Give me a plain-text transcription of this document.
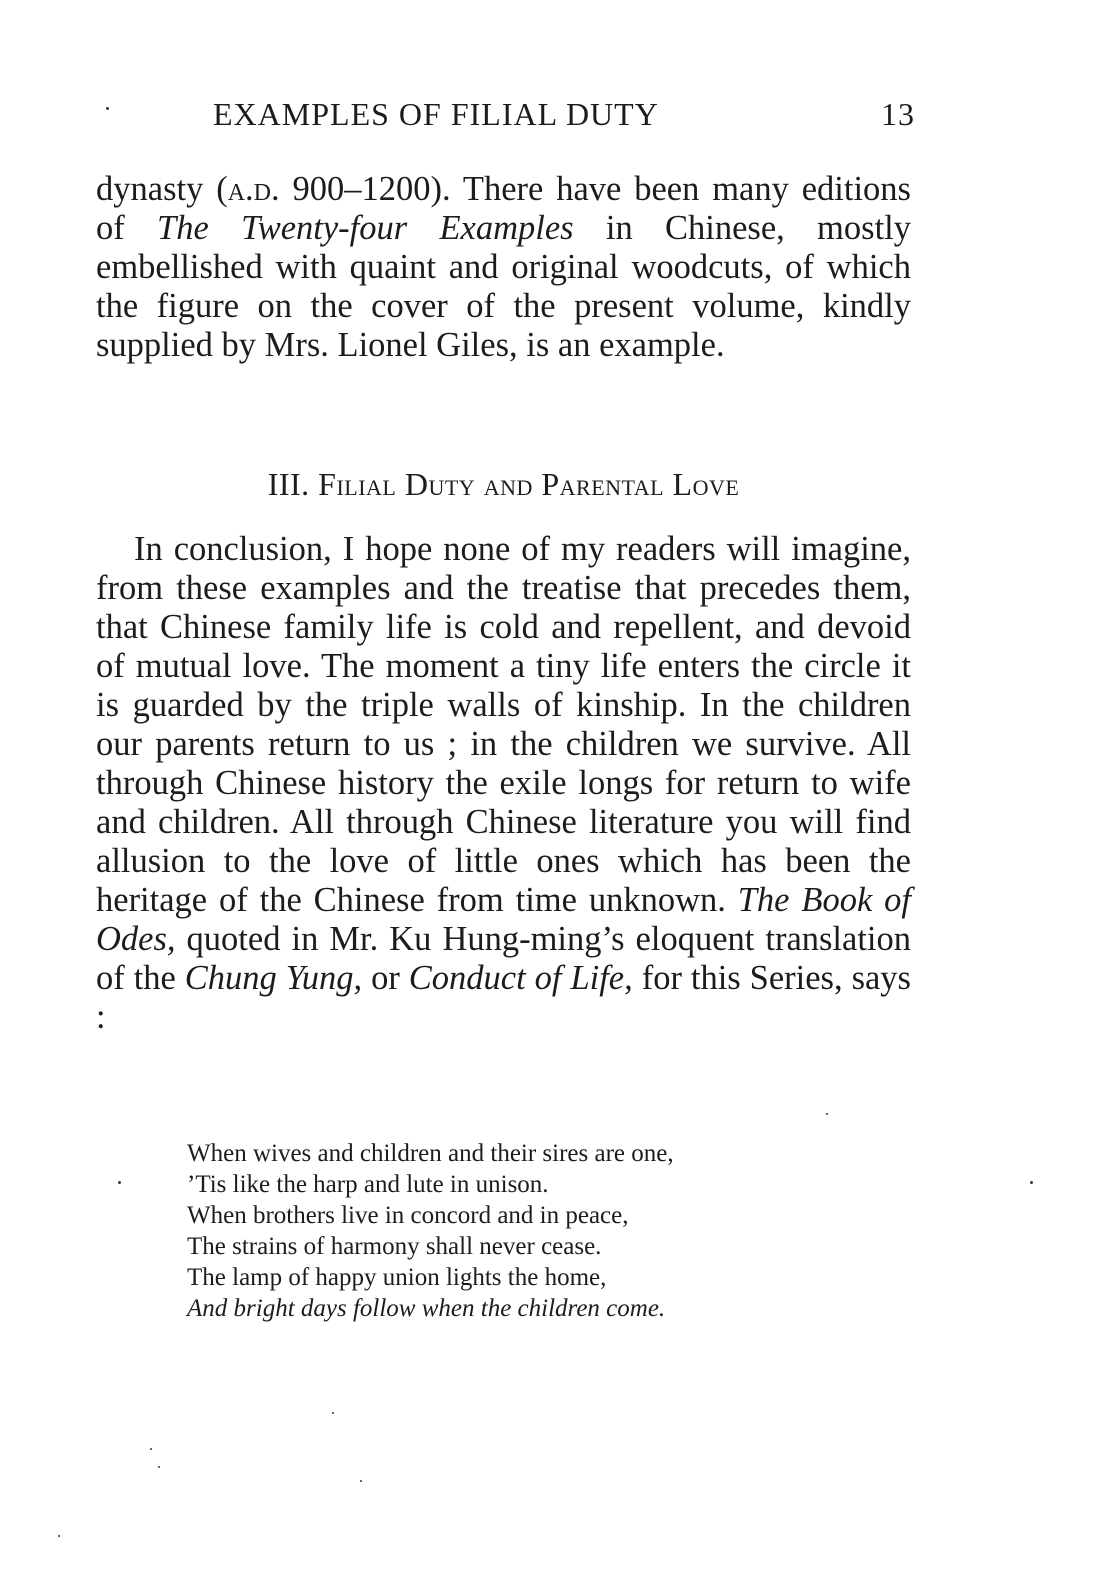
EXAMPLES OF FILIAL DUTY	13

dynasty (a.d. 900–1200). There have been many editions of The Twenty-four Examples in Chinese, mostly embellished with quaint and original woodcuts, of which the figure on the cover of the present volume, kindly supplied by Mrs. Lionel Giles, is an example.

III. Filial Duty and Parental Love

In conclusion, I hope none of my readers will imagine, from these examples and the treatise that precedes them, that Chinese family life is cold and repellent, and devoid of mutual love. The moment a tiny life enters the circle it is guarded by the triple walls of kinship. In the children our parents return to us ; in the children we survive. All through Chinese history the exile longs for return to wife and children. All through Chinese literature you will find allusion to the love of little ones which has been the heritage of the Chinese from time unknown. The Book of Odes, quoted in Mr. Ku Hung-ming’s eloquent translation of the Chung Yung, or Conduct of Life, for this Series, says :

When wives and children and their sires are one,
’Tis like the harp and lute in unison.
When brothers live in concord and in peace,
The strains of harmony shall never cease.
The lamp of happy union lights the home,
And bright days follow when the children come.
